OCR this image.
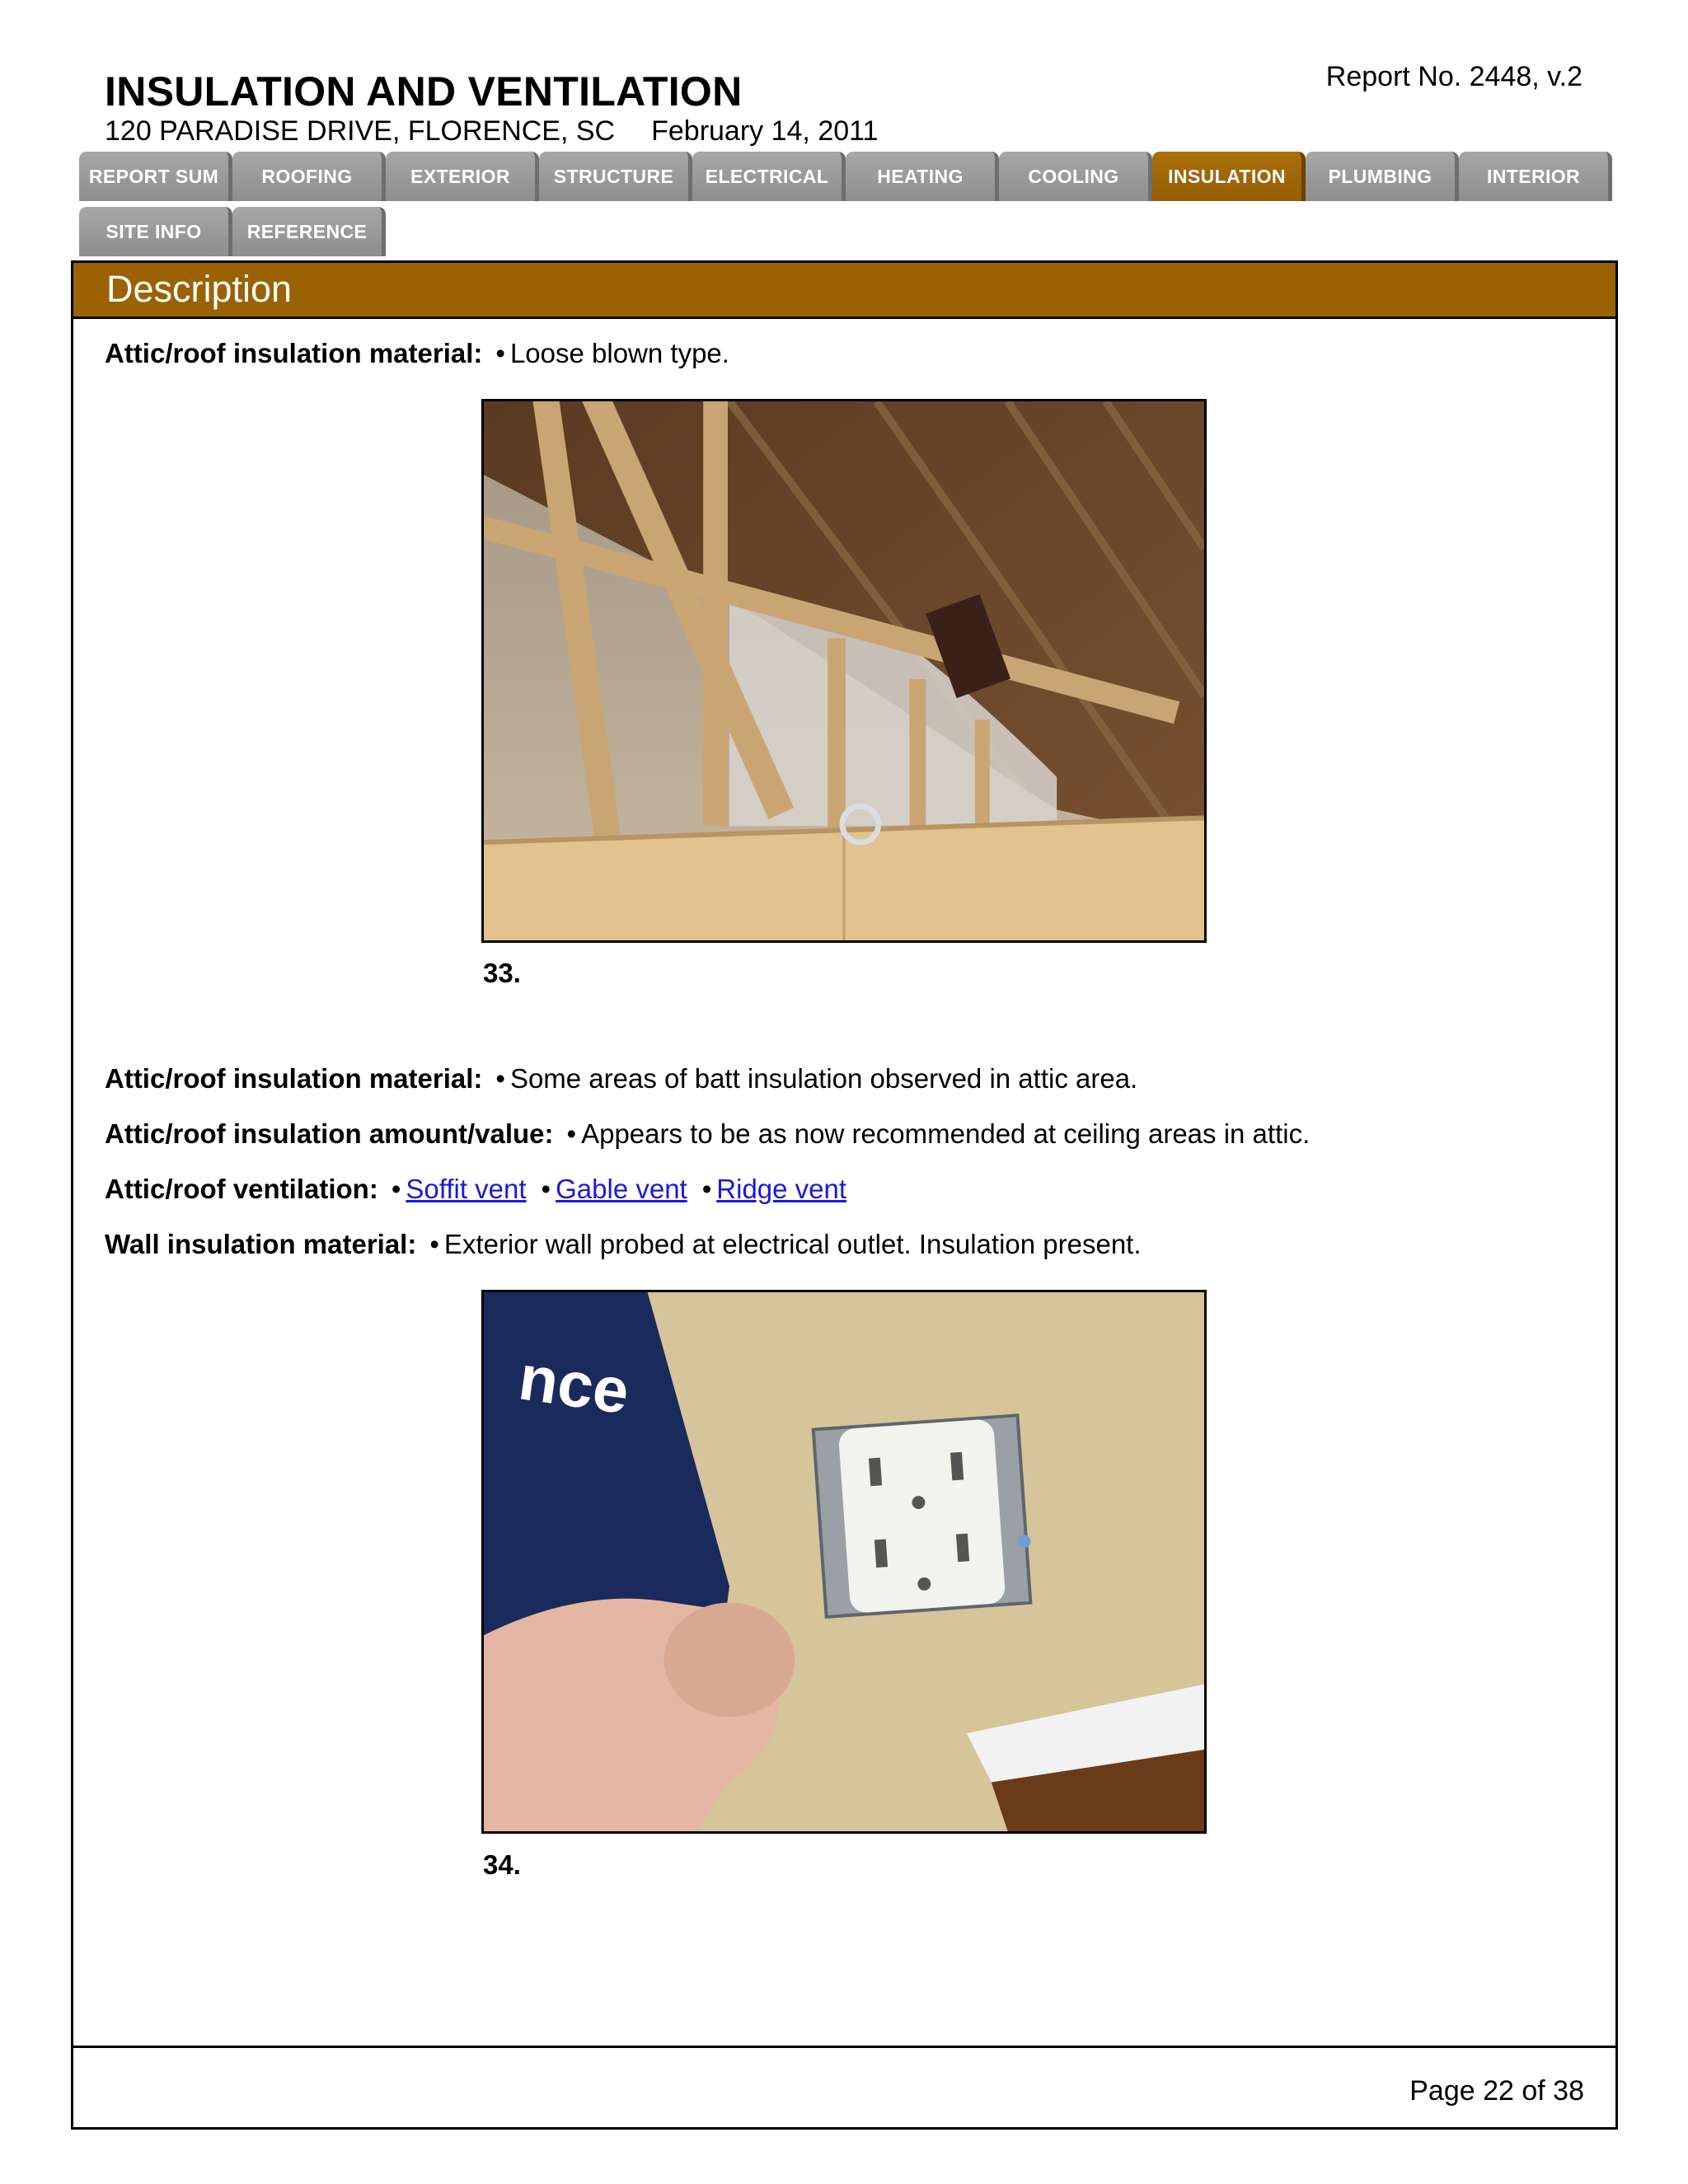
INSULATION AND VENTILATION
120 PARADISE DRIVE, FLORENCE, SC February 14, 2011
Report No. 2448, v.2
REPORT SUM	ROOFING	EXTERIOR	STRUCTURE	ELECTRICAL	HEATING	COOLING	INSULATION	PLUMBING	INTERIOR
SITE INFO	REFERENCE
Description
Attic/roof insulation material: • Loose blown type.
33.
Attic/roof insulation material: • Some areas of batt insulation observed in attic area.
Attic/roof insulation amount/value: • Appears to be as now recommended at ceiling areas in attic.
Attic/roof ventilation: • Soffit vent • Gable vent • Ridge vent
Wall insulation material: • Exterior wall probed at electrical outlet. Insulation present.
nce
34.
Page 22 of 38
